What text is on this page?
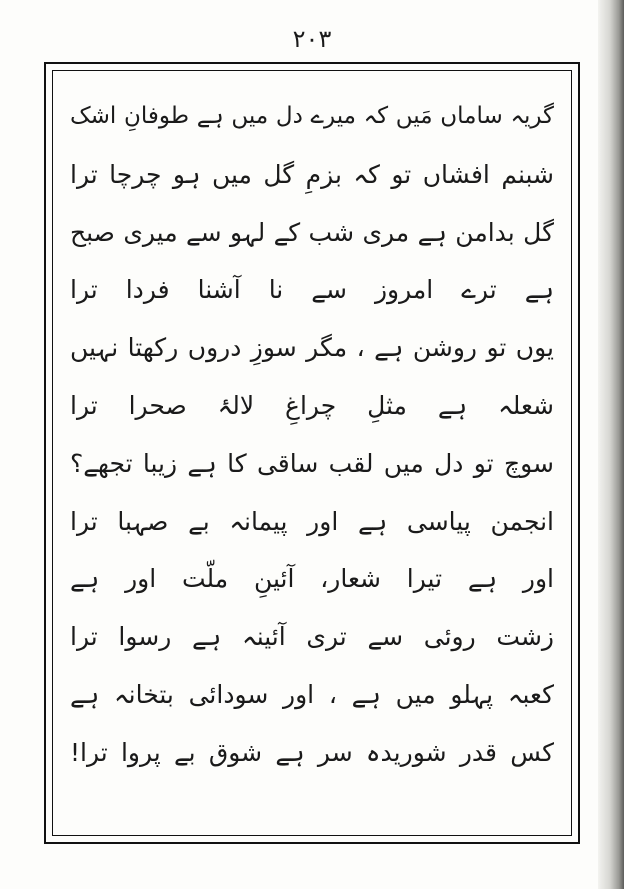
۲۰۳
گریہ ساماں مَیں کہ میرے دل میں ہے طوفانِ اشک
شبنم افشاں تو کہ بزمِ گل میں ہو چرچا ترا
گل بدامن ہے مری شب کے لہو سے میری صبح
ہے ترے امروز سے نا آشنا فردا ترا
یوں تو روشن ہے ، مگر سوزِ دروں رکھتا نہیں
شعلہ ہے مثلِ چراغِ لالۂ صحرا ترا
سوچ تو دل میں لقب ساقی کا ہے زیبا تجھے؟
انجمن پیاسی ہے اور پیمانہ بے صہبا ترا
اور ہے تیرا شعار، آئینِ ملّت اور ہے
زشت روئی سے تری آئینہ ہے رسوا ترا
کعبہ پہلو میں ہے ، اور سودائی بتخانہ ہے
کس قدر شوریدہ سر ہے شوق بے پروا ترا!
